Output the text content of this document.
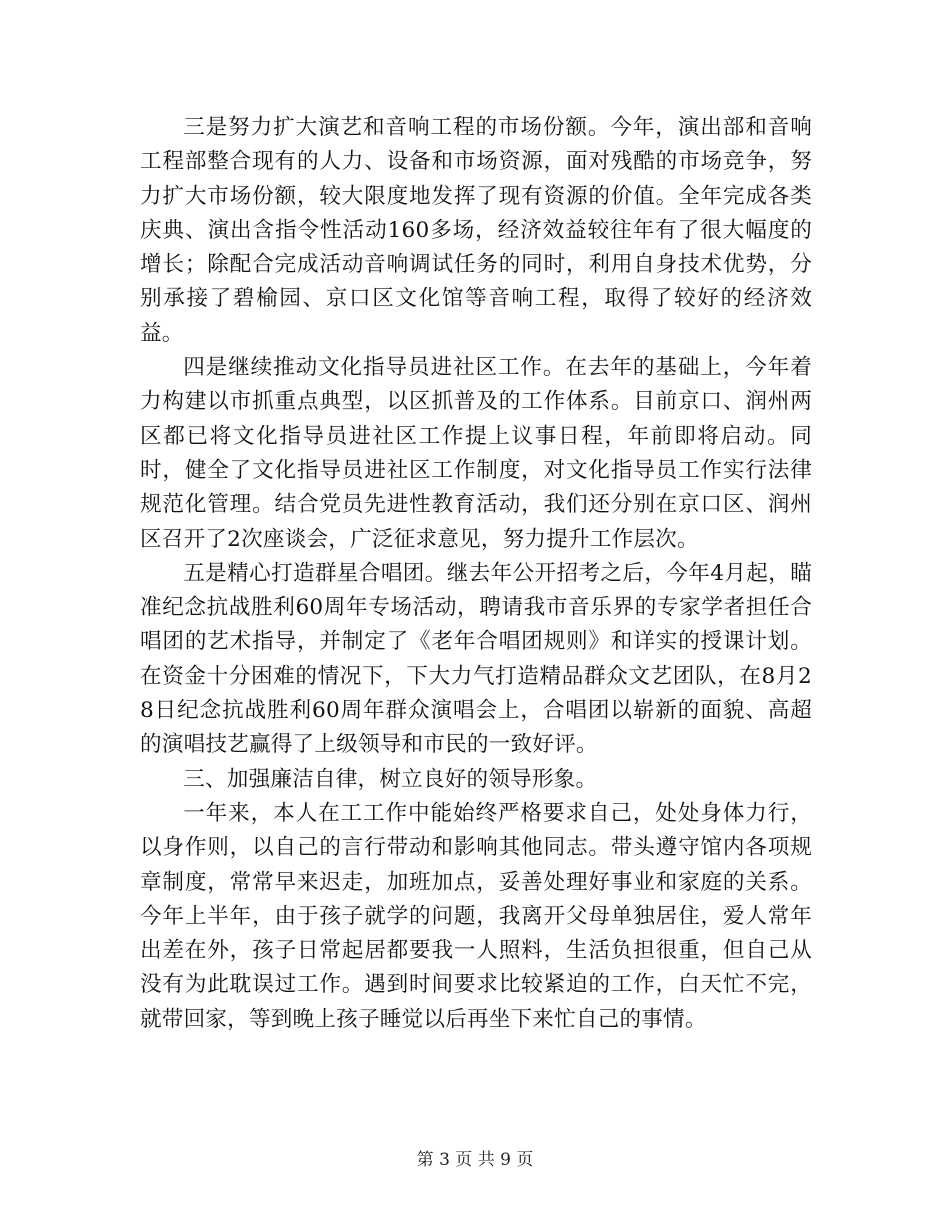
三是努力扩大演艺和音响工程的市场份额。今年，演出部和音响工程部整合现有的人力、设备和市场资源，面对残酷的市场竞争，努力扩大市场份额，较大限度地发挥了现有资源的价值。全年完成各类庆典、演出含指令性活动160多场，经济效益较往年有了很大幅度的增长；除配合完成活动音响调试任务的同时，利用自身技术优势，分别承接了碧榆园、京口区文化馆等音响工程，取得了较好的经济效益。

四是继续推动文化指导员进社区工作。在去年的基础上，今年着力构建以市抓重点典型，以区抓普及的工作体系。目前京口、润州两区都已将文化指导员进社区工作提上议事日程，年前即将启动。同时，健全了文化指导员进社区工作制度，对文化指导员工作实行法律规范化管理。结合党员先进性教育活动，我们还分别在京口区、润州区召开了2次座谈会，广泛征求意见，努力提升工作层次。

五是精心打造群星合唱团。继去年公开招考之后，今年4月起，瞄准纪念抗战胜利60周年专场活动，聘请我市音乐界的专家学者担任合唱团的艺术指导，并制定了《老年合唱团规则》和详实的授课计划。在资金十分困难的情况下，下大力气打造精品群众文艺团队，在8月28日纪念抗战胜利60周年群众演唱会上，合唱团以崭新的面貌、高超的演唱技艺赢得了上级领导和市民的一致好评。

三、加强廉洁自律，树立良好的领导形象。

一年来，本人在工工作中能始终严格要求自己，处处身体力行，以身作则，以自己的言行带动和影响其他同志。带头遵守馆内各项规章制度，常常早来迟走，加班加点，妥善处理好事业和家庭的关系。今年上半年，由于孩子就学的问题，我离开父母单独居住，爱人常年出差在外，孩子日常起居都要我一人照料，生活负担很重，但自己从没有为此耽误过工作。遇到时间要求比较紧迫的工作，白天忙不完，就带回家，等到晚上孩子睡觉以后再坐下来忙自己的事情。

第 3 页 共 9 页
